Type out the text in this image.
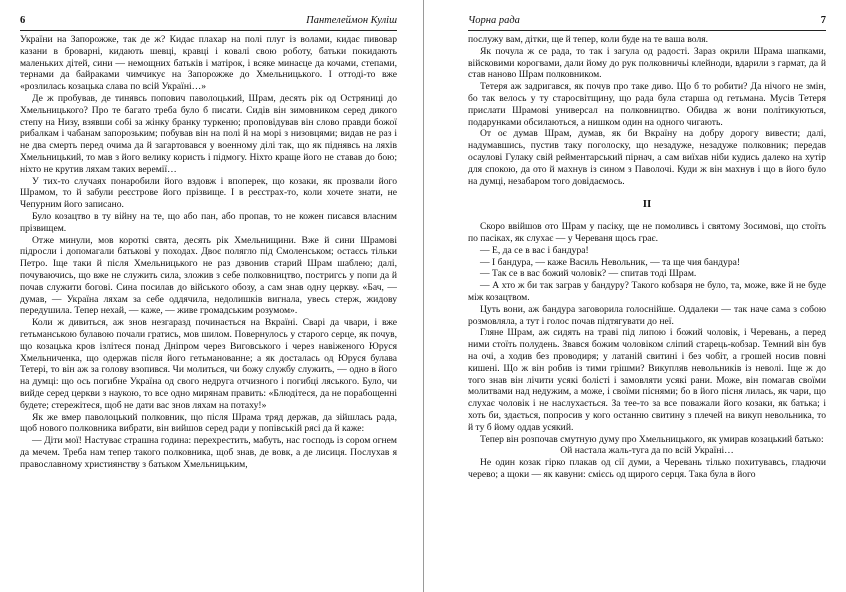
6	Пантелеймон Куліш

України на Запорожже, так де ж? Кидає плахар на полі плуг із волами, кидає пивовар казани в броварні, кидають шевці, кравці і ковалі свою роботу, батьки покидають маленьких дітей, сини — немощних батьків і матірок, і всяке минаєце да кочами, степами, тернами да байраками чимчикує на Запорожже до Хмельницького. І оттоді-то вже «розлилась козацька слава по всій Україні…»

Де ж пробував, де тинявсь попович паволоцький, Шрам, десять рік од Остряниці до Хмельницького? Про те багато треба було б писати. Сидів він зимовником серед дикого степу на Низу, взявши собі за жінку бранку туркеню; проповідував він слово правди божої рибалкам і чабанам запорозьким; побував він на полі й на морі з низовцями; видав не раз і не два смерть перед очима да й загартовався у военному ділі так, що як піднявсь на ляхів Хмельницький, то мав з його велику користь і підмогу. Ніхто краще його не ставав до бою; ніхто не крутив ляхам таких веремії…

У тих-то случаях понаробили його вздовж і впоперек, що козаки, як прозвали його Шрамом, то й забули реєстрове його прізвище. І в реєстрах-то, коли хочете знати, не Чепурним його записано.

Було козацтво в ту війну на те, що або пан, або пропав, то не кожен писався власним прізвищем.

Отже минули, мов короткі свята, десять рік Хмельнищини. Вже й сини Шрамові підросли і допомагали батькові у походах. Двоє полягло під Смоленськом; остаєсь тільки Петро. Іще таки й після Хмельницького не раз дзвонив старий Шрам шаблею; далі, почуваючись, що вже не служить сила, зложив з себе полковництво, постригсь у попи да й почав служити богові. Сина посилав до війського обозу, а сам знав одну церкву. «Бач, — думав, — Україна ляхам за себе оддячила, недолишків вигнала, увесь стерж, жидову передушила. Тепер нехай, — каже, — живе громадським розумом».

Коли ж дивиться, аж знов незгаразд починається на Вкраїні. Сварі да чвари, і вже гетьманською булавою почали гратись, мов шилом. Повернулось у старого серце, як почув, що козацька кров ізлітеся понад Дніпром через Виговського і через навіженого Юруся Хмельниченка, що одержав після його гетьманованне; а як досталась од Юруся булава Тетері, то він аж за голову взопився. Чи молиться, чи божу службу служить, — одно в його на думці: що ось погибне Україна од свого недруга отчизного і погибці ляського. Було, чи вийде серед церкви з наукою, то все одно мирянам править: «Блюдітеся, да не порабощенні будете; стережітеся, щоб не дати вас знов ляхам на потаху!»

Як же вмер паволоцький полковник, що після Шрама тряд держав, да зійшлась рада, щоб нового полковника вибрати, він вийшов серед ради у попівській рясі да й каже:

— Діти мої! Настуває страшна година: перехрестить, мабуть, нас господь із сором огнем да мечем. Треба нам тепер такого полковника, щоб знав, де вовк, а де лисиця. Послухав я православному християнству з батьком Хмельницьким,

Чорна рада	7

послужу вам, дітки, ще й тепер, коли буде на те ваша воля.

Як почула ж се рада, то так і загула од радості. Зараз окрили Шрама шапками, війсковими корогвами, дали йому до рук полковничьі клейноди, вдарили з гармат, да й став наново Шрам полковником.

Тетеря аж задригався, як почув про таке диво. Що б то робити? Да нічого не змін, бо так велось у ту старосвітщину, що рада була старша од гетьмана. Мусів Тетеря прислати Шрамові универсал на полковництво. Обидва ж вони політикуються, подарунками обсилаються, а нишком один на одного чигають.

От оє думав Шрам, думав, як би Вкраїну на добру дорогу вивести; далі, надумавшись, пустив таку поголоску, що незадуже, незадуже полковник; передав осаулові Гулаку свій рейментарський пірнач, а сам виїхав ніби кудись далеко на хутір для спокою, да ото й махнув із сином з Паволочі. Куди ж він махнув і що в його було на думці, незабаром того довідаємось.

II

Скоро ввійшов ото Шрам у пасіку, ще не помоливсь і святому Зосимові, що стоїть по пасіках, як слухає — у Череваня щось грає.

— Е, да се в вас і бандура!

— І бандура, — каже Василь Невольник, — та ще чия бандура!

— Так се в вас божий чоловік? — спитав тоді Шрам.

— А хто ж би так заграв у бандуру? Такого кобзаря не було, та, може, вже й не буде між козацтвом.

Цуть вони, аж бандура заговорила голоснійше. Оддалеки — так наче сама з собою розмовляла, а тут і голос почав підтягувати до неї.

Гляне Шрам, аж сидять на траві під липою і божий чоловік, і Черевань, а перед ними стоїть полудень. Звався божим чоловіком сліпий старець-кобзар. Темний він був на очі, а ходив без проводиря; у латаній свитині і без чобіт, а грошей носив повні кишені. Що ж він робив із тими грішми? Викупляв невольників із неволі. Іще ж до того знав він лічити усякі болісті і замовляти усякі рани. Може, він помагав своїми молитвами над недужим, а може, і своїми піснями; бо в його пісня лилась, як чари, що слухає чоловік і не наслухається. За тее-то за все поважали його козаки, як батька; і хоть би, здається, попросив у кого останню свитину з плечей на викуп невольника, то й ту б йому оддав усякий.

Тепер він розпочав смутную думу про Хмельницького, як умирав козацький батько:

Ой настала жаль-туга да по всій Україні…

Не один козак гірко плакав од сії думи, а Черевань тілько похитувавсь, гладючи черево; а щоки — як кавуни: смієсь од щирого серця. Така була в його
